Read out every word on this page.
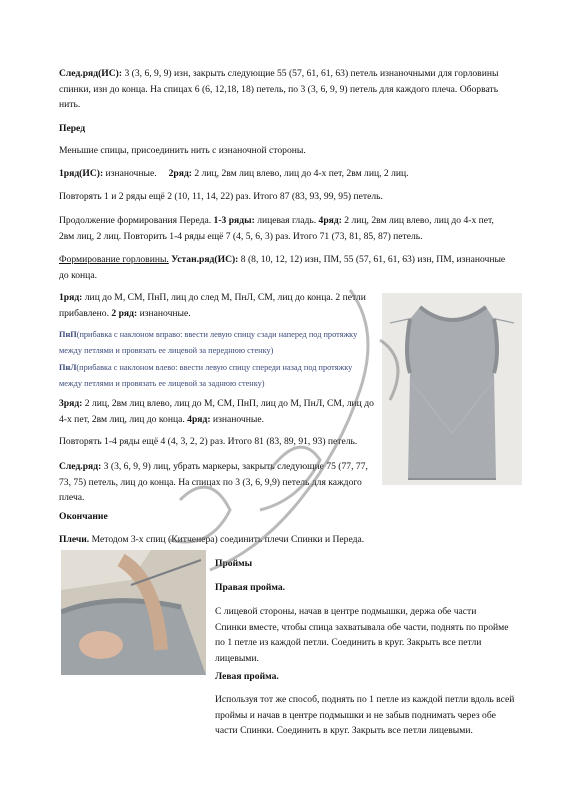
След.ряд(ИС): 3 (3, 6, 9, 9) изн, закрыть следующие 55 (57, 61, 61, 63) петель изнаночными для горловины спинки, изн до конца. На спицах 6 (6, 12,18, 18) петель, по 3 (3, 6, 9, 9) петель для каждого плеча. Оборвать нить.

Перед

Меньшие спицы, присоединить нить с изнаночной стороны.

1ряд(ИС): изнаночные. 2ряд: 2 лиц, 2вм лиц влево, лиц до 4-х пет, 2вм лиц, 2 лиц.

Повторять 1 и 2 ряды ещё 2 (10, 11, 14, 22) раз. Итого 87 (83, 93, 99, 95) петель.

Продолжение формирования Переда. 1-3 ряды: лицевая гладь. 4ряд: 2 лиц, 2вм лиц влево, лиц до 4-х пет, 2вм лиц, 2 лиц. Повторить 1-4 ряды ещё 7 (4, 5, 6, 3) раз. Итого 71 (73, 81, 85, 87) петель.

Формирование горловины. Устан.ряд(ИС): 8 (8, 10, 12, 12) изн, ПМ, 55 (57, 61, 61, 63) изн, ПМ, изнаночные до конца.

1ряд: лиц до М, СМ, ПнП, лиц до след М, ПнЛ, СМ, лиц до конца. 2 петли прибавлено. 2 ряд: изнаночные.

ПнП(прибавка с наклоном вправо: ввести левую спицу сзади наперед под протяжку между петлями и провязать ее лицевой за переднюю стенку)

ПнЛ(прибавка с наклоном влево: ввести левую спицу спереди назад под протяжку между петлями и провязать ее лицевой за заднюю стенку)

3ряд: 2 лиц, 2вм лиц влево, лиц до М, СМ, ПнП, лиц до М, ПнЛ, СМ, лиц до 4-х пет, 2вм лиц, лиц до конца. 4ряд: изнаночные.

Повторять 1-4 ряды ещё 4 (4, 3, 2, 2) раз. Итого 81 (83, 89, 91, 93) петель.

След.ряд: 3 (3, 6, 9, 9) лиц, убрать маркеры, закрыть следующие 75 (77, 77, 73, 75) петель, лиц до конца. На спицах по 3 (3, 6, 9,9) петель для каждого плеча.

Окончание

Плечи. Методом 3-х спиц (Китченера) соединить плечи Спинки и Переда.

Проймы

Правая пройма.

С лицевой стороны, начав в центре подмышки, держа обе части Спинки вместе, чтобы спица захватывала обе части, поднять по пройме по 1 петле из каждой петли. Соединить в круг. Закрыть все петли лицевыми.

Левая пройма.

Используя тот же способ, поднять по 1 петле из каждой петли вдоль всей проймы и начав в центре подмышки и не забыв поднимать через обе части Спинки. Соединить в круг. Закрыть все петли лицевыми.
